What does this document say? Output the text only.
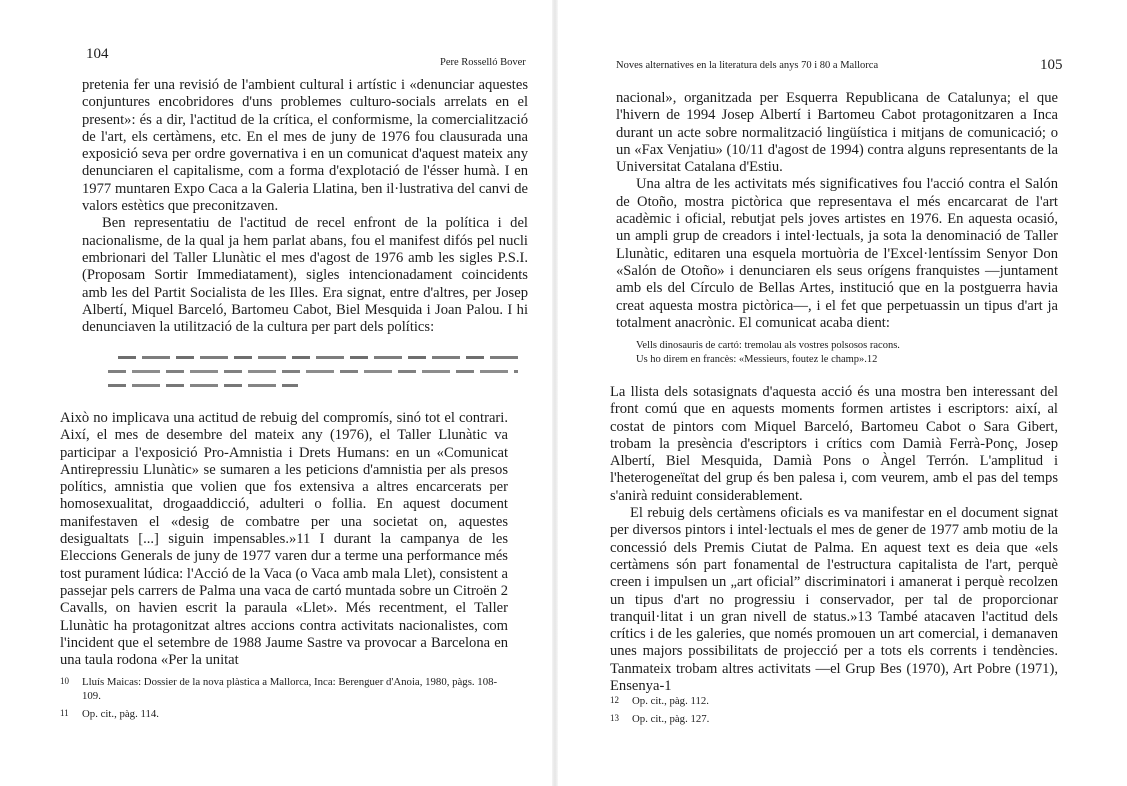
104
Pere Rosselló Bover

pretenia fer una revisió de l'ambient cultural i artístic i «denunciar aquestes conjuntures encobridores d'uns problemes culturo-socials arrelats en el present»: és a dir, l'actitud de la crítica, el conformisme, la comercialització de l'art, els certàmens, etc. En el mes de juny de 1976 fou clausurada una exposició seva per ordre governativa i en un comunicat d'aquest mateix any denunciaren el capitalisme, com a forma d'explotació de l'ésser humà. I en 1977 muntaren Expo Caca a la Galeria Llatina, ben il·lustrativa del canvi de valors estètics que preconitzaven.

Ben representatiu de l'actitud de recel enfront de la política i del nacionalisme, de la qual ja hem parlat abans, fou el manifest difós pel nucli embrionari del Taller Llunàtic el mes d'agost de 1976 amb les sigles P.S.I. (Proposam Sortir Immediatament), sigles intencionadament coincidents amb les del Partit Socialista de les Illes. Era signat, entre d'altres, per Josep Albertí, Miquel Barceló, Bartomeu Cabot, Biel Mesquida i Joan Palou. I hi denunciaven la utilització de la cultura per part dels polítics:

Això no implicava una actitud de rebuig del compromís, sinó tot el contrari. Així, el mes de desembre del mateix any (1976), el Taller Llunàtic va participar a l'exposició Pro-Amnistia i Drets Humans: en un «Comunicat Antirepressiu Llunàtic» se sumaren a les peticions d'amnistia per als presos polítics, amnistia que volien que fos extensiva a altres encarcerats per homosexualitat, drogaaddicció, adulteri o follia. En aquest document manifestaven el «desig de combatre per una societat on, aquestes desigualtats [...] siguin impensables.»11 I durant la campanya de les Eleccions Generals de juny de 1977 varen dur a terme una performance més tost purament lúdica: l'Acció de la Vaca (o Vaca amb mala Llet), consistent a passejar pels carrers de Palma una vaca de cartó muntada sobre un Citroën 2 Cavalls, on havien escrit la paraula «Llet». Més recentment, el Taller Llunàtic ha protagonitzat altres accions contra activitats nacionalistes, com l'incident que el setembre de 1988 Jaume Sastre va provocar a Barcelona en una taula rodona «Per la unitat

10	Lluís Maicas: Dossier de la nova plàstica a Mallorca, Inca: Berenguer d'Anoia, 1980, pàgs. 108-109.
11	Op. cit., pàg. 114.
Noves alternatives en la literatura dels anys 70 i 80 a Mallorca	105

nacional», organitzada per Esquerra Republicana de Catalunya; el que l'hivern de 1994 Josep Albertí i Bartomeu Cabot protagonitzaren a Inca durant un acte sobre normalització lingüística i mitjans de comunicació; o un «Fax Venjatiu» (10/11 d'agost de 1994) contra alguns representants de la Universitat Catalana d'Estiu.

Una altra de les activitats més significatives fou l'acció contra el Salón de Otoño, mostra pictòrica que representava el més encarcarat de l'art acadèmic i oficial, rebutjat pels joves artistes en 1976. En aquesta ocasió, un ampli grup de creadors i intel·lectuals, ja sota la denominació de Taller Llunàtic, editaren una esquela mortuòria de l'Excel·lentíssim Senyor Don «Salón de Otoño» i denunciaren els seus orígens franquistes —juntament amb els del Círculo de Bellas Artes, institució que en la postguerra havia creat aquesta mostra pictòrica—, i el fet que perpetuassin un tipus d'art ja totalment anacrònic. El comunicat acaba dient:

Vells dinosauris de cartó: tremolau als vostres polsosos racons.
Us ho direm en francès: «Messieurs, foutez le champ».12

La llista dels sotasignats d'aquesta acció és una mostra ben interessant del front comú que en aquests moments formen artistes i escriptors: així, al costat de pintors com Miquel Barceló, Bartomeu Cabot o Sara Gibert, trobam la presència d'escriptors i crítics com Damià Ferrà-Ponç, Josep Albertí, Biel Mesquida, Damià Pons o Àngel Terrón. L'amplitud i l'heterogeneïtat del grup és ben palesa i, com veurem, amb el pas del temps s'anirà reduint considerablement.

El rebuig dels certàmens oficials es va manifestar en el document signat per diversos pintors i intel·lectuals el mes de gener de 1977 amb motiu de la concessió dels Premis Ciutat de Palma. En aquest text es deia que «els certàmens són part fonamental de l'estructura capitalista de l'art, perquè creen i impulsen un „art oficial” discriminatori i amanerat i perquè recolzen un tipus d'art no progressiu i conservador, per tal de proporcionar tranquil·litat i un gran nivell de status.»13 També atacaven l'actitud dels crítics i de les galeries, que només promouen un art comercial, i demanaven unes majors possibilitats de projecció per a tots els corrents i tendències. Tanmateix trobam altres activitats —el Grup Bes (1970), Art Pobre (1971), Ensenya-1

12	Op. cit., pàg. 112.
13	Op. cit., pàg. 127.
